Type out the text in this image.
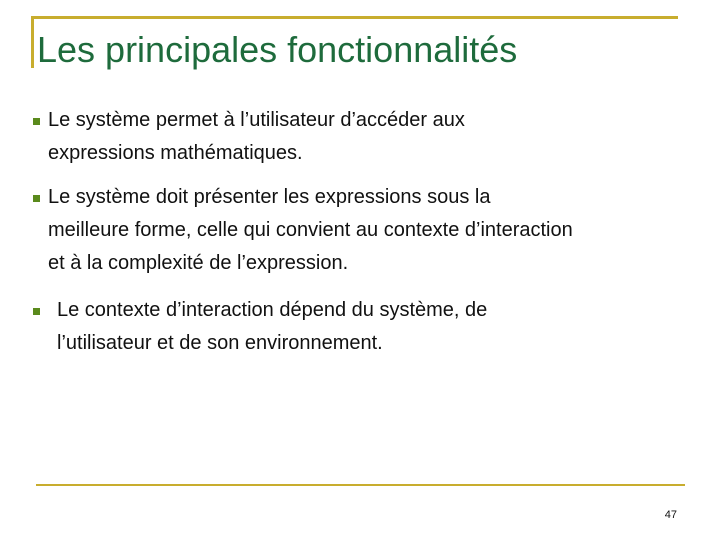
Les principales fonctionnalités
Le système permet à l’utilisateur d’accéder aux
expressions mathématiques.
Le système doit présenter les expressions sous la
meilleure forme, celle qui convient au contexte d’interaction
et à la complexité de l’expression.
Le contexte d’interaction dépend du système, de
l’utilisateur et de son environnement.
47
